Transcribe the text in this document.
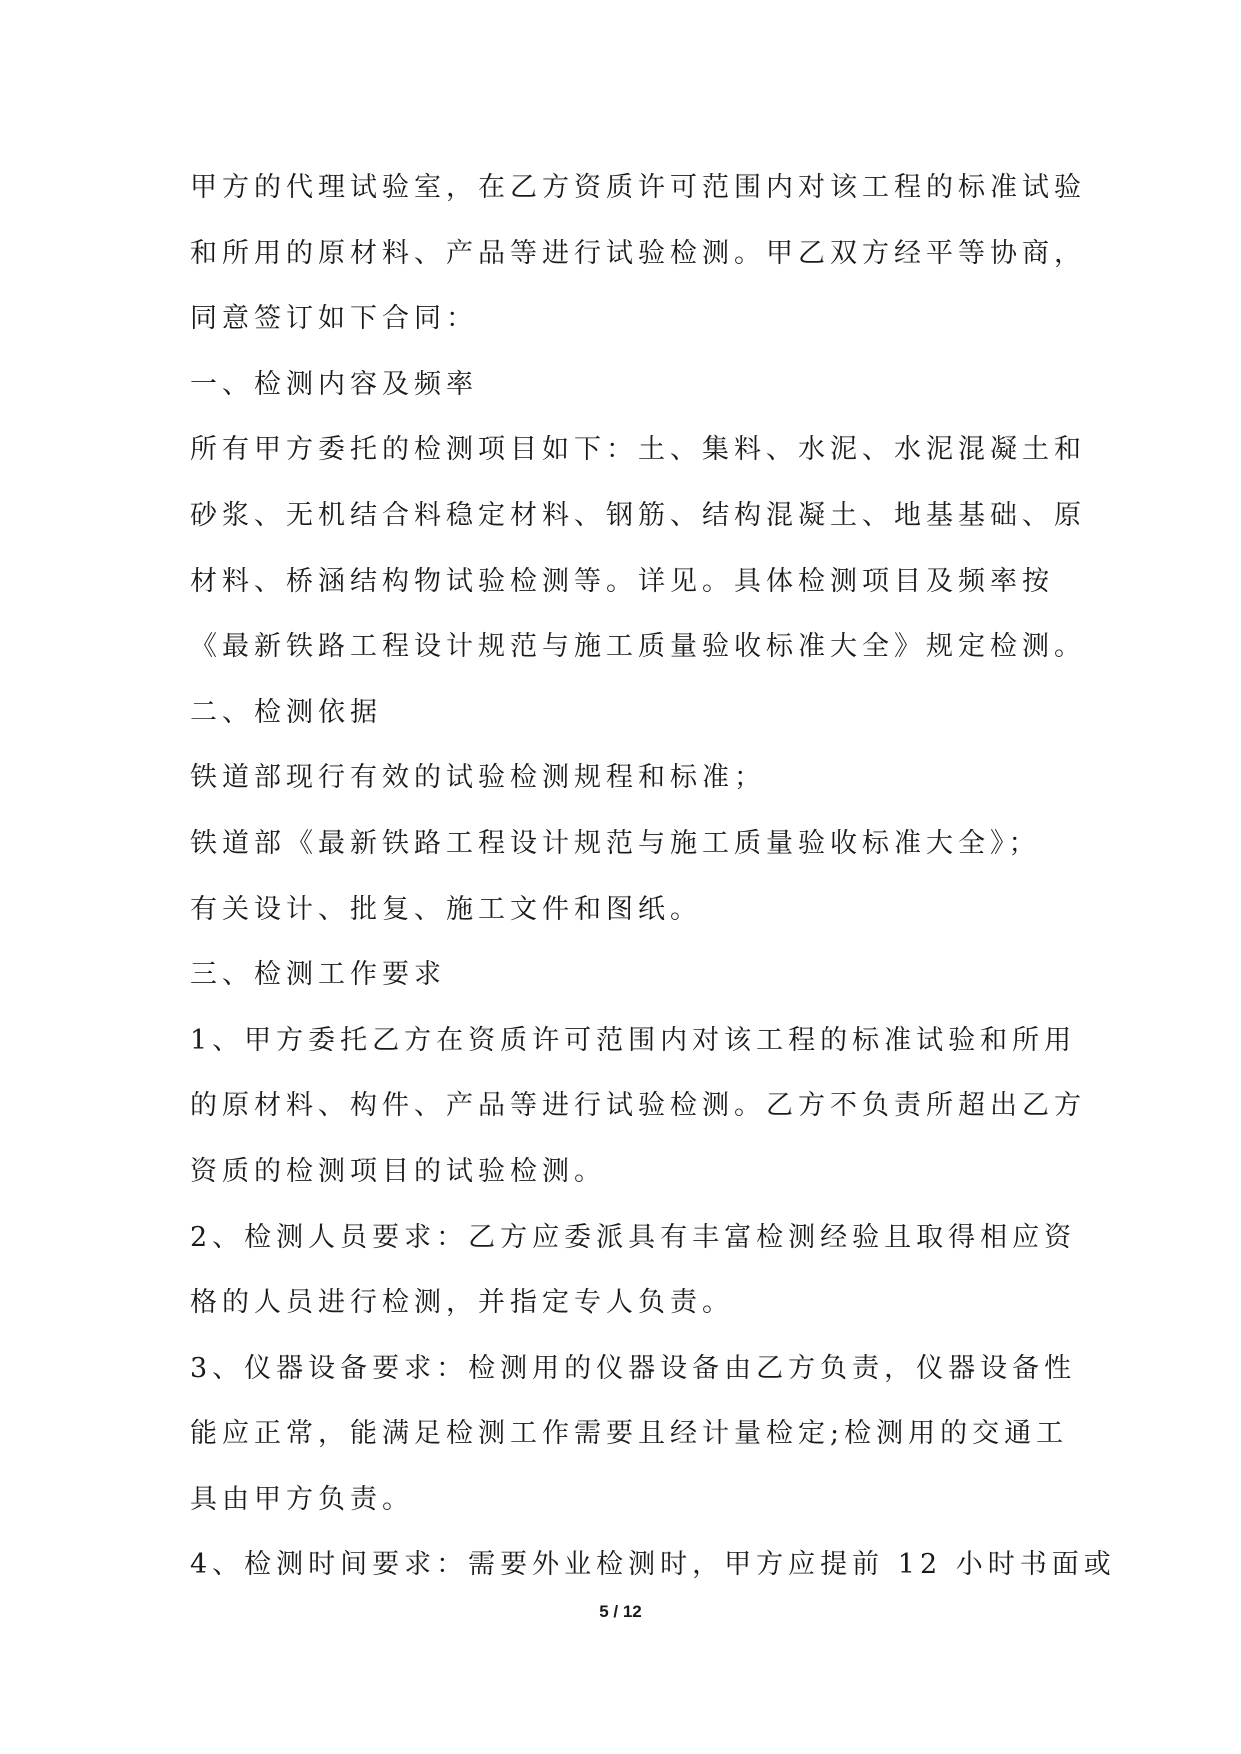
甲方的代理试验室，在乙方资质许可范围内对该工程的标准试验
和所用的原材料、产品等进行试验检测。甲乙双方经平等协商，
同意签订如下合同：
一、检测内容及频率
所有甲方委托的检测项目如下：土、集料、水泥、水泥混凝土和
砂浆、无机结合料稳定材料、钢筋、结构混凝土、地基基础、原
材料、桥涵结构物试验检测等。详见。具体检测项目及频率按
《最新铁路工程设计规范与施工质量验收标准大全》规定检测。
二、检测依据
铁道部现行有效的试验检测规程和标准；
铁道部《最新铁路工程设计规范与施工质量验收标准大全》；
有关设计、批复、施工文件和图纸。
三、检测工作要求
1、甲方委托乙方在资质许可范围内对该工程的标准试验和所用
的原材料、构件、产品等进行试验检测。乙方不负责所超出乙方
资质的检测项目的试验检测。
2、检测人员要求：乙方应委派具有丰富检测经验且取得相应资
格的人员进行检测，并指定专人负责。
3、仪器设备要求：检测用的仪器设备由乙方负责，仪器设备性
能应正常，能满足检测工作需要且经计量检定;检测用的交通工
具由甲方负责。
4、检测时间要求：需要外业检测时，甲方应提前 12 小时书面或
5 / 12
